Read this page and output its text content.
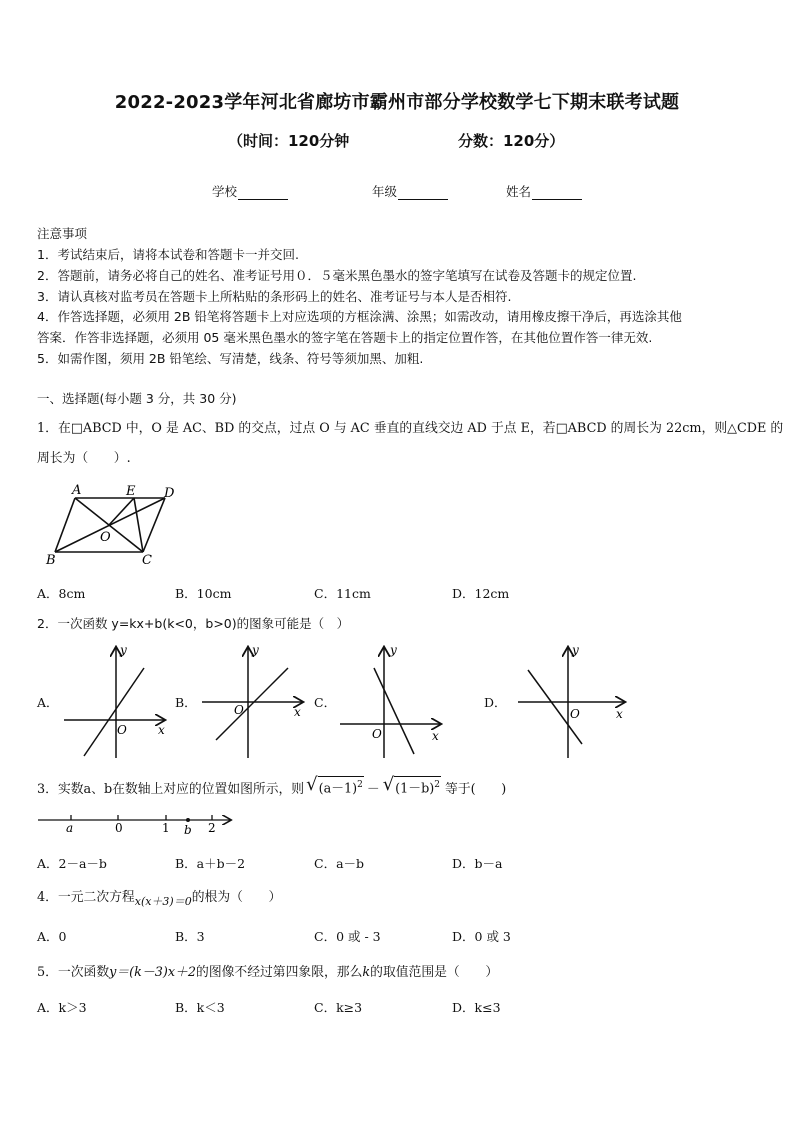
2022-2023学年河北省廊坊市霸州市部分学校数学七下期末联考试题
（时间：120分钟	分数：120分）
学校	年级	姓名
注意事项
1．考试结束后，请将本试卷和答题卡一并交回.
2．答题前，请务必将自己的姓名、准考证号用０．５毫米黑色墨水的签字笔填写在试卷及答题卡的规定位置.
3．请认真核对监考员在答题卡上所粘贴的条形码上的姓名、准考证号与本人是否相符.
4．作答选择题，必须用 2B 铅笔将答题卡上对应选项的方框涂满、涂黑；如需改动，请用橡皮擦干净后，再选涂其他
答案．作答非选择题，必须用 05 毫米黑色墨水的签字笔在答题卡上的指定位置作答，在其他位置作答一律无效.
5．如需作图，须用 2B 铅笔绘、写清楚，线条、符号等须加黑、加粗.
一、选择题(每小题 3 分，共 30 分)
1．在□ABCD 中，O 是 AC、BD 的交点，过点 O 与 AC 垂直的直线交边 AD 于点 E，若□ABCD 的周长为 22cm，则△CDE 的
周长为（　　）.
A	E D
B	C
O
A．8cm	B．10cm	C．11cm	D．12cm
2．一次函数 y=kx+b(k<0，b>0)的图象可能是（　）
A．	B．	C．	D．
y
x
O
y
x
O
y
x
O
y
x
O
3．实数a、b在数轴上对应的位置如图所示，则 √ $(a-1)^2$ － √ $(1-b)^2$ 等于(　　)
a	0	1 b 2
A．2－a－b	B．a＋b－2	C．a－b	D．b－a
4．一元二次方程x(x＋3)＝0的根为（　　）
A．0	B．3	C．0 或 - 3	D．0 或 3
5．一次函数y＝(k－3)x＋2的图像不经过第四象限，那么k的取值范围是（　　）
A．k＞3	B．k＜3	C．k≥3	D．k≤3
